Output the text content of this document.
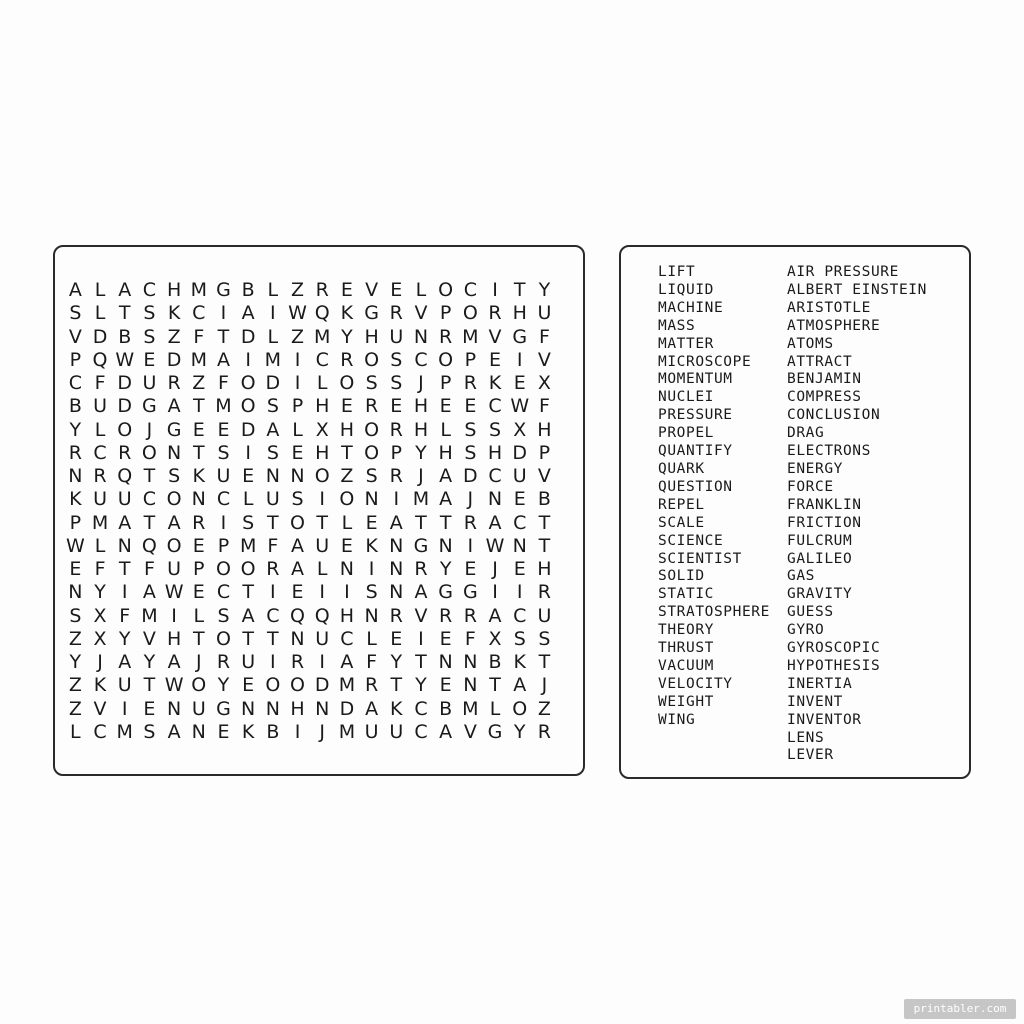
A L A C H M G B L Z R E V E L O C I T Y
S L T S K C I A I W Q K G R V P O R H U
V D B S Z F T D L Z M Y H U N R M V G F
P Q W E D M A I M I C R O S C O P E I V
C F D U R Z F O D I L O S S J P R K E X
B U D G A T M O S P H E R E H E E C W F
Y L O J G E E D A L X H O R H L S S X H
R C R O N T S I S E H T O P Y H S H D P
N R Q T S K U E N N O Z S R J A D C U V
K U U C O N C L U S I O N I M A J N E B
P M A T A R I S T O T L E A T T R A C T
W L N Q O E P M F A U E K N G N I W N T
E F T F U P O O R A L N I N R Y E J E H
N Y I A W E C T I E I	I S N A G G I	I R
S X F M I L S A C Q Q H N R V R R A C U
Z X Y V H T O T T N U C L E I E F X S S
Y J A Y A J R U I R I A F Y T N N B K T
Z K U T W O Y E O O D M R T Y E N T A J
Z V I E N U G N N H N D A K C B M L O Z
L C M S A N E K B I	J M U U C A V G Y R
LIFT
LIQUID
MACHINE
MASS
MATTER
MICROSCOPE
MOMENTUM
NUCLEI
PRESSURE
PROPEL
QUANTIFY
QUARK
QUESTION
REPEL
SCALE
SCIENCE
SCIENTIST
SOLID
STATIC
STRATOSPHERE
THEORY
THRUST
VACUUM
VELOCITY
WEIGHT
WING
AIR PRESSURE
ALBERT EINSTEIN
ARISTOTLE
ATMOSPHERE
ATOMS
ATTRACT
BENJAMIN
COMPRESS
CONCLUSION
DRAG
ELECTRONS
ENERGY
FORCE
FRANKLIN
FRICTION
FULCRUM
GALILEO
GAS
GRAVITY
GUESS
GYRO
GYROSCOPIC
HYPOTHESIS
INERTIA
INVENT
INVENTOR
LENS
LEVER
printabler.com
